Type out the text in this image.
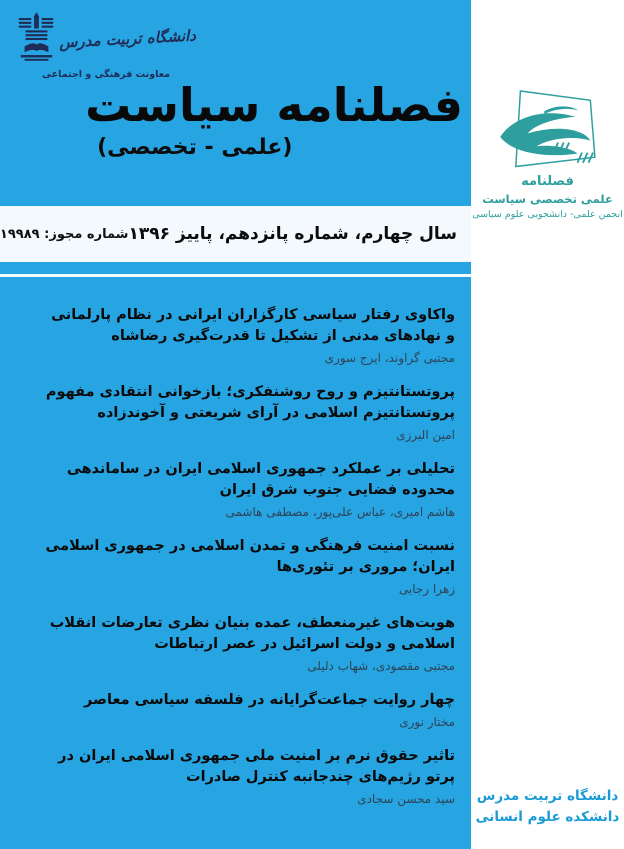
دانشگاه تربیت مدرس
معاونت فرهنگی و اجتماعی
فصلنامه سیاست
(علمی - تخصصی)
سال چهارم، شماره پانزدهم، پاییز ۱۳۹۶
شماره مجوز: ۱۹۹۸۹
واکاوی رفتار سیاسی کارگزاران ایرانی در نظام پارلمانی و نهادهای مدنی از تشکیل تا قدرت‌گیری رضاشاه
مجتبی گراوند، ایرج سوری
پروتستانتیزم و روح روشنفکری؛ بازخوانی انتقادی مفهوم پروتستانتیزم اسلامی در آرای شریعتی و آخوندزاده
امین البرزی
تحلیلی بر عملکرد جمهوری اسلامی ایران در ساماندهی محدوده فضایی جنوب شرق ایران
هاشم امیری، عباس علی‌پور، مصطفی هاشمی
نسبت امنیت فرهنگی و تمدن اسلامی در جمهوری اسلامی ایران؛ مروری بر تئوری‌ها
زهرا رجایی
هویت‌های غیرمنعطف، عمده بنیان نظری تعارضات انقلاب اسلامی و دولت اسرائیل در عصر ارتباطات
مجتبی مقصودی، شهاب دلیلی
چهار روایت جماعت‌گرایانه در فلسفه سیاسی معاصر
مختار نوری
تاثیر حقوق نرم بر امنیت ملی جمهوری اسلامی ایران در پرتو رژیم‌های چندجانبه کنترل صادرات
سید محسن سجادی
فصلنامه
علمی تخصصی سیاست
انجمن علمی- دانشجویی علوم سیاسی
دانشگاه تربیت مدرس
دانشکده علوم انسانی
